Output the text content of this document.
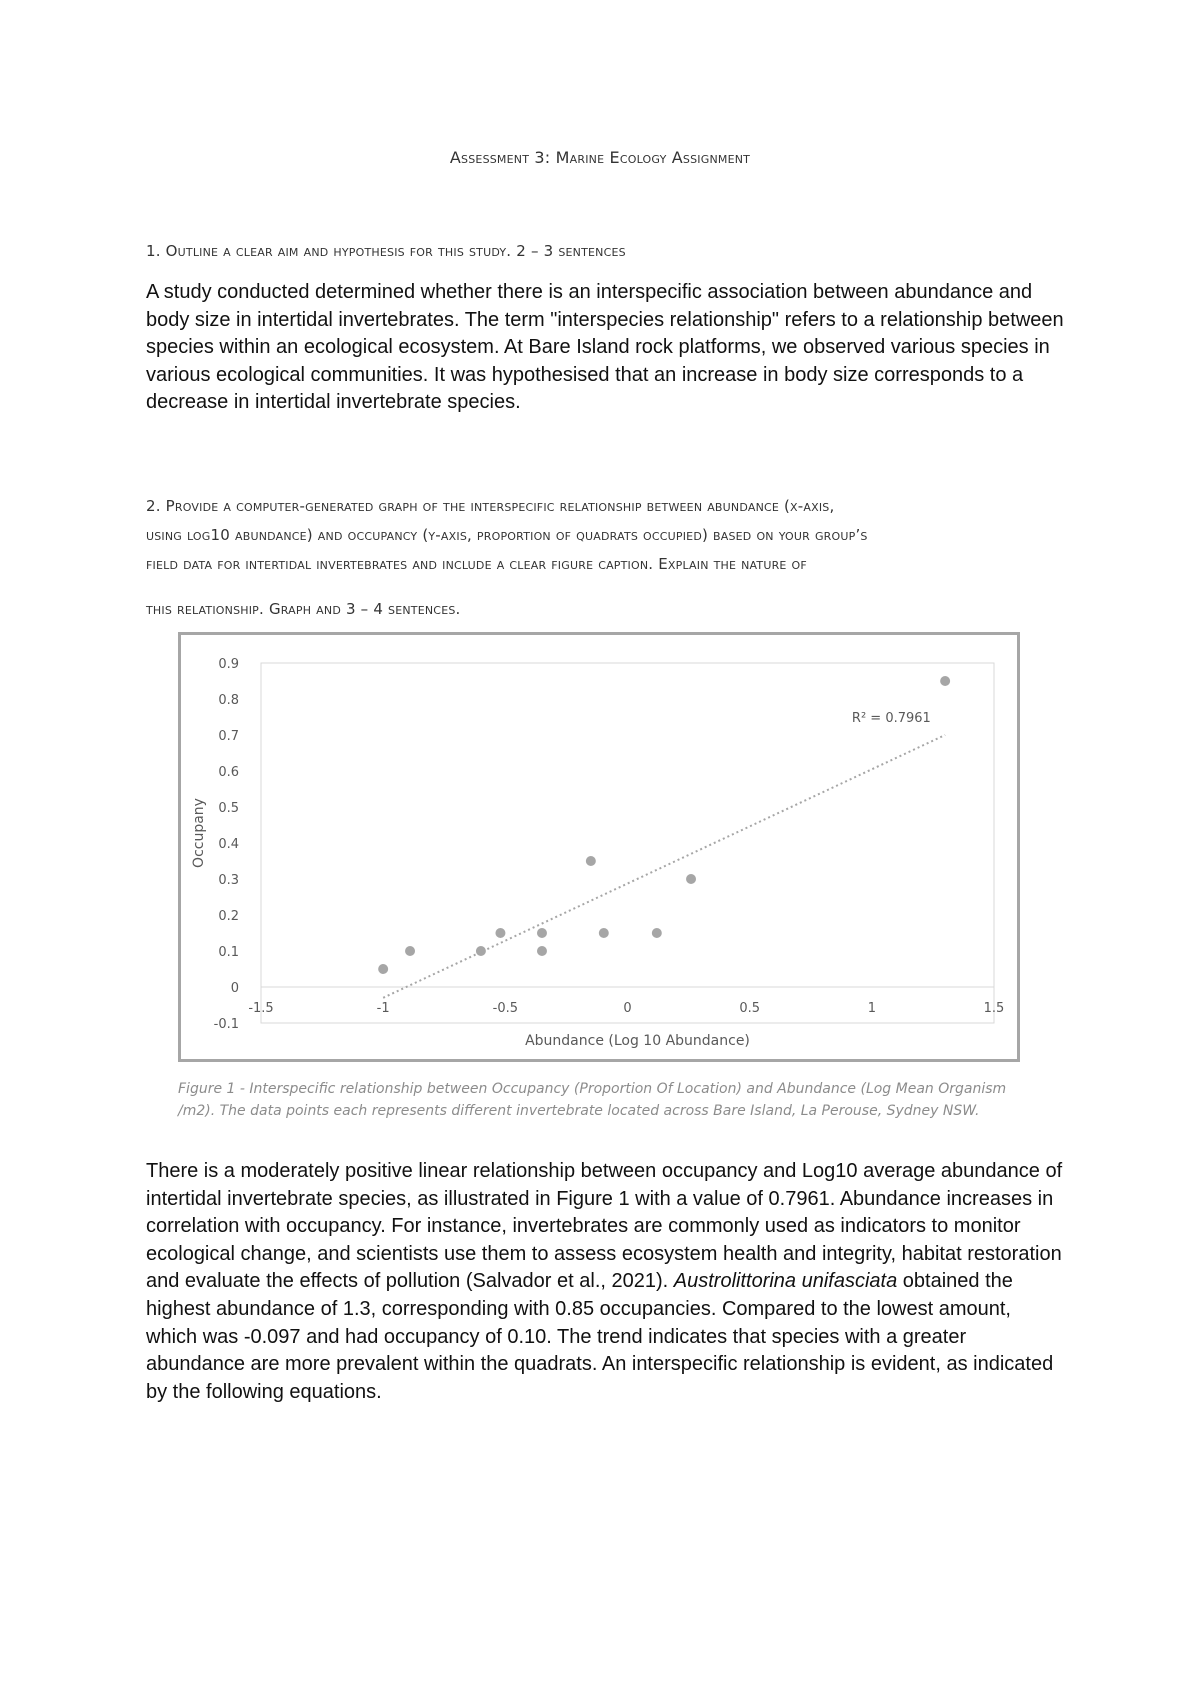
Assessment 3: Marine Ecology Assignment

1. Outline a clear aim and hypothesis for this study. 2 – 3 sentences

A study conducted determined whether there is an interspecific association between abundance and body size in intertidal invertebrates. The term "interspecies relationship" refers to a relationship between species within an ecological ecosystem. At Bare Island rock platforms, we observed various species in various ecological communities. It was hypothesised that an increase in body size corresponds to a decrease in intertidal invertebrate species.

2. Provide a computer-generated graph of the interspecific relationship between abundance (x-axis,

using log10 abundance) and occupancy (y-axis, proportion of quadrats occupied) based on your group’s

field data for intertidal invertebrates and include a clear figure caption. Explain the nature of

this relationship. Graph and 3 – 4 sentences.

0.9
0.8
0.7
0.6
0.5
0.4
0.3
0.2
0.1
0
-0.1
-1.5	-1	-0.5	0	0.5	1	1.5
Abundance (Log 10 Abundance)
Occupany
R² = 0.7961

Figure 1 - Interspecific relationship between Occupancy (Proportion Of Location) and Abundance (Log Mean Organism /m2). The data points each represents different invertebrate located across Bare Island, La Perouse, Sydney NSW.

There is a moderately positive linear relationship between occupancy and Log10 average abundance of intertidal invertebrate species, as illustrated in Figure 1 with a value of 0.7961. Abundance increases in correlation with occupancy. For instance, invertebrates are commonly used as indicators to monitor ecological change, and scientists use them to assess ecosystem health and integrity, habitat restoration and evaluate the effects of pollution (Salvador et al., 2021). Austrolittorina unifasciata obtained the highest abundance of 1.3, corresponding with 0.85 occupancies. Compared to the lowest amount, which was -0.097 and had occupancy of 0.10. The trend indicates that species with a greater abundance are more prevalent within the quadrats. An interspecific relationship is evident, as indicated by the following equations.
